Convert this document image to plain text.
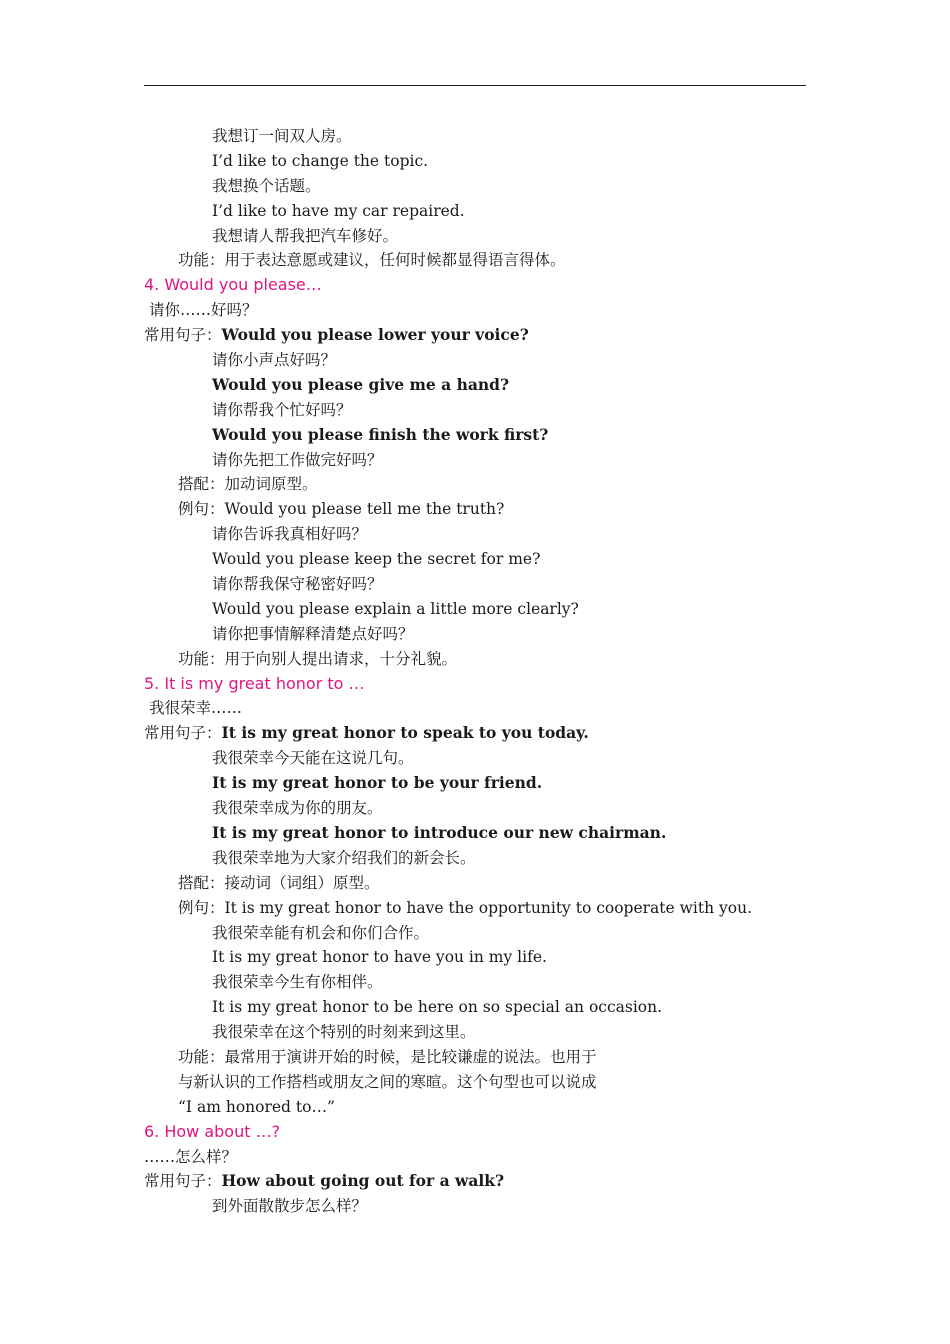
我想订一间双人房。
I’d like to change the topic.
我想换个话题。
I’d like to have my car repaired.
我想请人帮我把汽车修好。
功能：用于表达意愿或建议，任何时候都显得语言得体。
4. Would you please…
请你……好吗？
常用句子：Would you please lower your voice?
请你小声点好吗？
Would you please give me a hand?
请你帮我个忙好吗？
Would you please finish the work first?
请你先把工作做完好吗？
搭配：加动词原型。
例句：Would you please tell me the truth?
请你告诉我真相好吗？
Would you please keep the secret for me?
请你帮我保守秘密好吗？
Would you please explain a little more clearly?
请你把事情解释清楚点好吗？
功能：用于向别人提出请求，十分礼貌。
5. It is my great honor to …
我很荣幸……
常用句子：It is my great honor to speak to you today.
我很荣幸今天能在这说几句。
It is my great honor to be your friend.
我很荣幸成为你的朋友。
It is my great honor to introduce our new chairman.
我很荣幸地为大家介绍我们的新会长。
搭配：接动词（词组）原型。
例句：It is my great honor to have the opportunity to cooperate with you.
我很荣幸能有机会和你们合作。
It is my great honor to have you in my life.
我很荣幸今生有你相伴。
It is my great honor to be here on so special an occasion.
我很荣幸在这个特别的时刻来到这里。
功能：最常用于演讲开始的时候，是比较谦虚的说法。也用于
与新认识的工作搭档或朋友之间的寒暄。这个句型也可以说成
“I am honored to…”
6. How about …?
……怎么样？
常用句子：How about going out for a walk?
到外面散散步怎么样？
